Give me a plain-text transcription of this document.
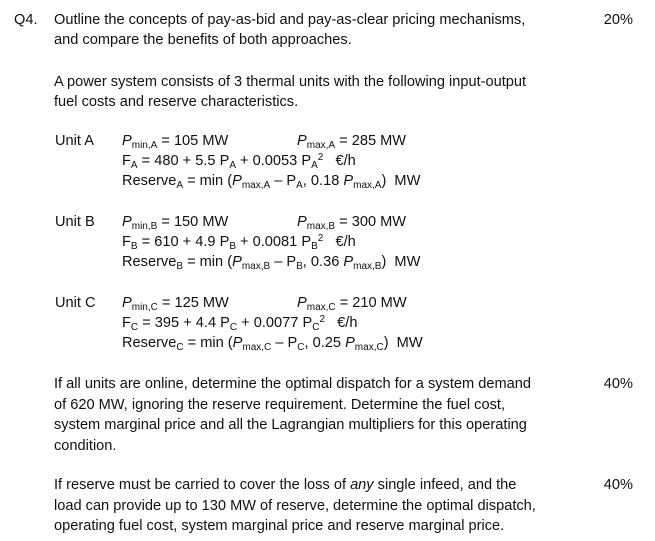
Q4. Outline the concepts of pay-as-bid and pay-as-clear pricing mechanisms,
and compare the benefits of both approaches.
20%
A power system consists of 3 thermal units with the following input-output
fuel costs and reserve characteristics.
Unit A $P_{min,A} = 105$ MW	$P_{max,A} = 285$ MW
$F_A = 480 + 5.5$ $P_A + 0.0053$ $P_A^2$   €/h
Reserve$_A$ = $\min (P_{max,A} - P_A$, 0.18 $P_{max,A}$)  MW
Unit B $P_{min,B} = 150$ MW	$P_{max,B} = 300$ MW
$F_B = 610 + 4.9$ $P_B + 0.0081$ $P_B^2$   €/h
Reserve$_B$ = $\min (P_{max,B} - P_B$, 0.36 $P_{max,B}$)  MW
Unit C $P_{min,C} = 125$ MW	$P_{max,C} = 210$ MW
$F_C = 395 + 4.4$ $P_C + 0.0077$ $P_C^2$   €/h
Reserve$_C$ = $\min (P_{max,C} - P_C$, 0.25 $P_{max,C}$)  MW
If all units are online, determine the optimal dispatch for a system demand
of 620 MW, ignoring the reserve requirement. Determine the fuel cost,
system marginal price and all the Lagrangian multipliers for this operating
condition.
40%
If reserve must be carried to cover the loss of any single infeed, and the
load can provide up to 130 MW of reserve, determine the optimal dispatch,
operating fuel cost, system marginal price and reserve marginal price.
40%
